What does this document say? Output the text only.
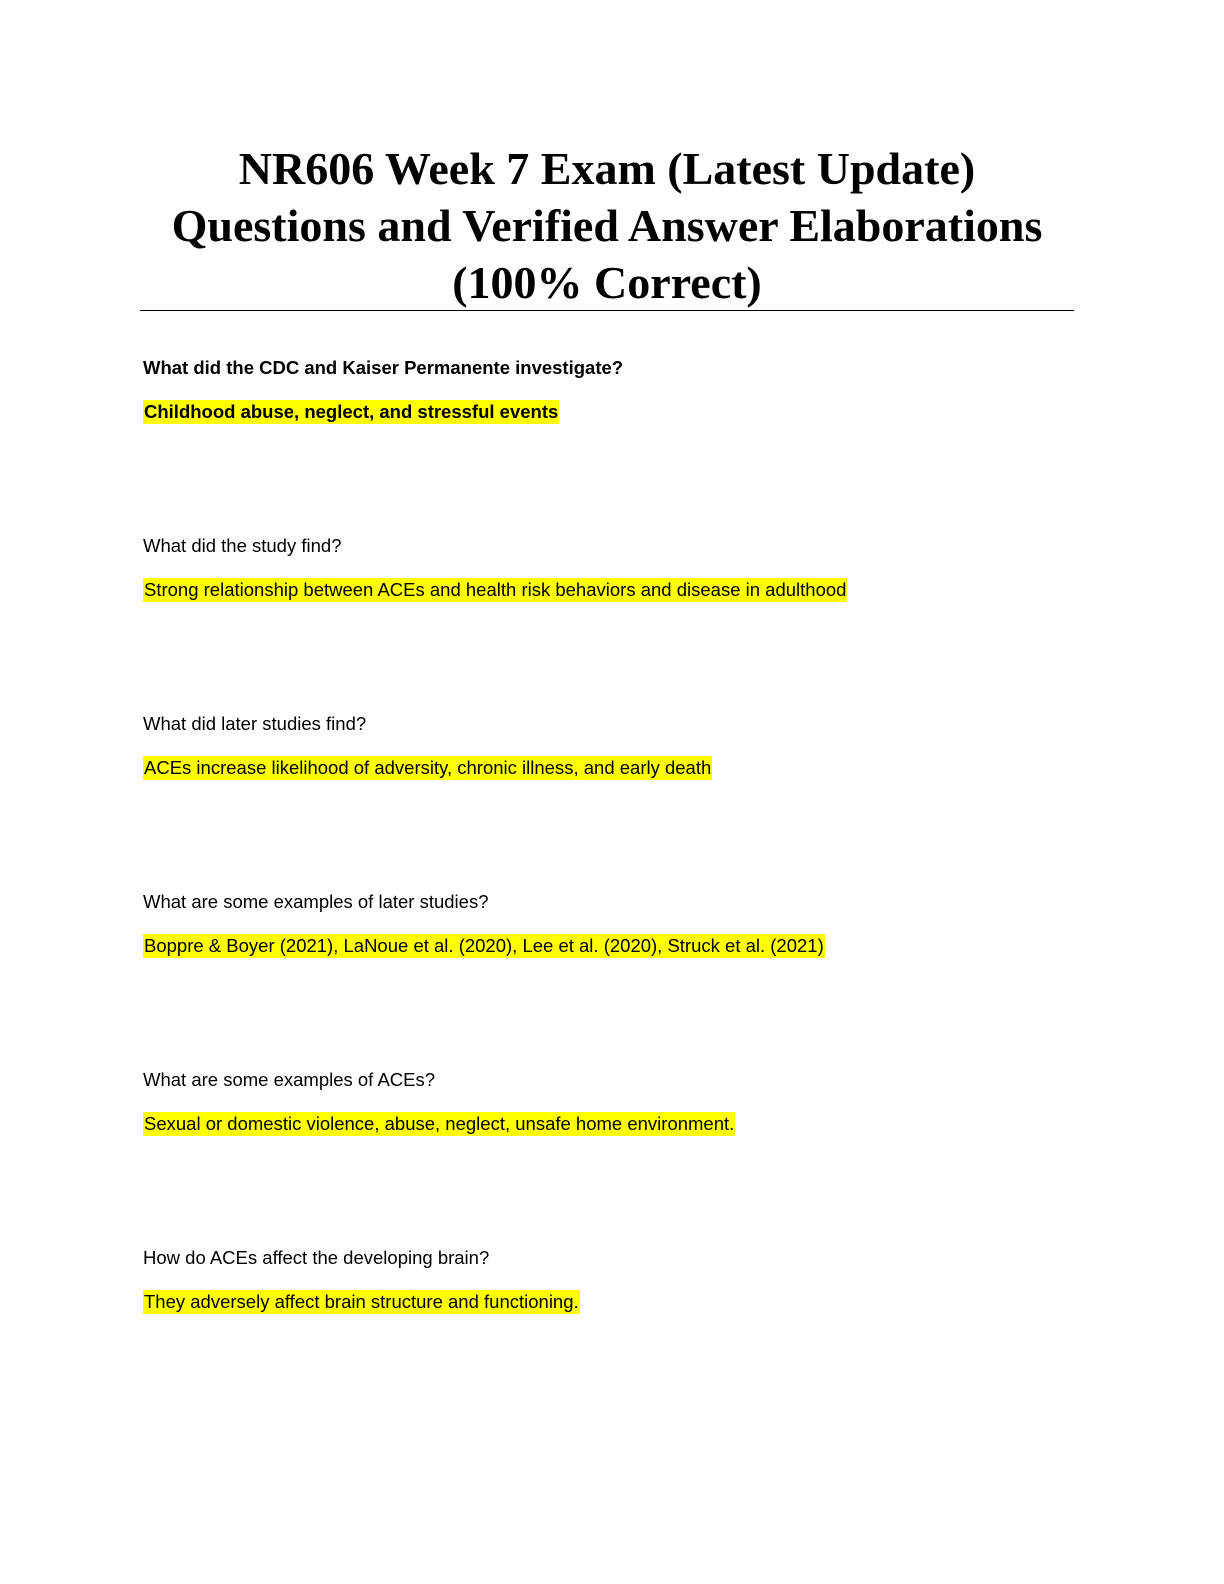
NR606 Week 7 Exam (Latest Update)
Questions and Verified Answer Elaborations
(100% Correct)
What did the CDC and Kaiser Permanente investigate?
Childhood abuse, neglect, and stressful events
What did the study find?
Strong relationship between ACEs and health risk behaviors and disease in adulthood
What did later studies find?
ACEs increase likelihood of adversity, chronic illness, and early death
What are some examples of later studies?
Boppre & Boyer (2021), LaNoue et al. (2020), Lee et al. (2020), Struck et al. (2021)
What are some examples of ACEs?
Sexual or domestic violence, abuse, neglect, unsafe home environment.
How do ACEs affect the developing brain?
They adversely affect brain structure and functioning.
